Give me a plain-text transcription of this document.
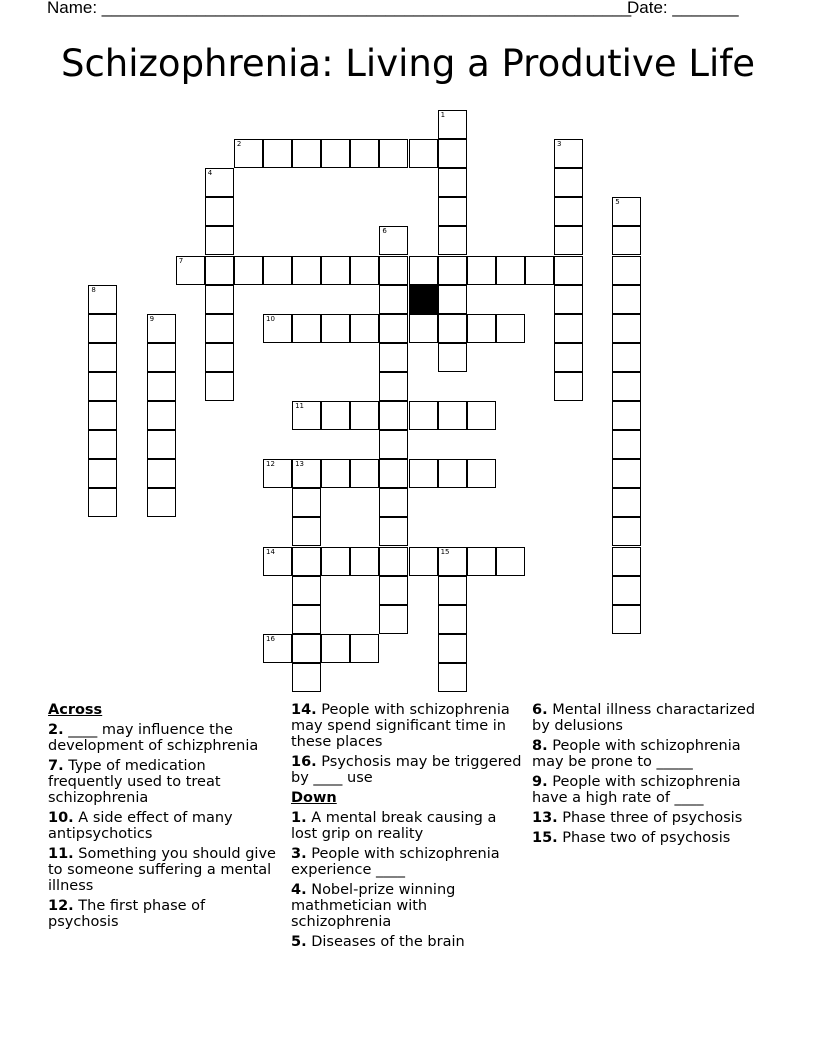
Name: ________________________________________________________
Date: _______
Schizophrenia: Living a Produtive Life
1
2	3
4
5
6
7
8
9	10
11
12	13
14	15
16
Across
2. ____ may influence the development of schizphrenia
7. Type of medication frequently used to treat schizophrenia
10. A side effect of many antipsychotics
11. Something you should give to someone suffering a mental illness
12. The first phase of psychosis
14. People with schizophrenia may spend significant time in these places
16. Psychosis may be triggered by ____ use
Down
1. A mental break causing a lost grip on reality
3. People with schizophrenia experience ____
4. Nobel-prize winning mathmetician with schizophrenia
5. Diseases of the brain
6. Mental illness charactarized by delusions
8. People with schizophrenia may be prone to _____
9. People with schizophrenia have a high rate of ____
13. Phase three of psychosis
15. Phase two of psychosis
